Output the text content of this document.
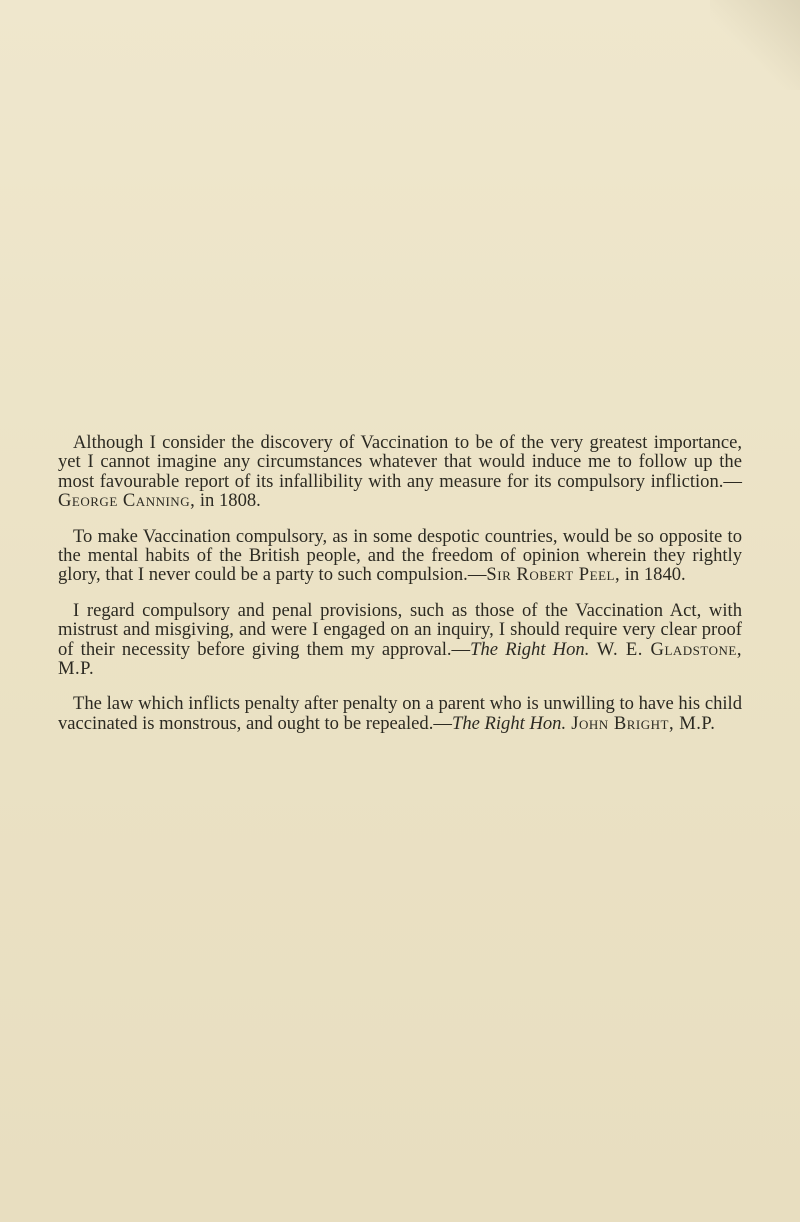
Although I consider the discovery of Vaccination to be of the very greatest importance, yet I cannot imagine any circumstances whatever that would induce me to follow up the most favourable report of its infallibility with any measure for its compulsory infliction.—George Canning, in 1808.

To make Vaccination compulsory, as in some despotic countries, would be so opposite to the mental habits of the British people, and the freedom of opinion wherein they rightly glory, that I never could be a party to such compulsion.—Sir Robert Peel, in 1840.

I regard compulsory and penal provisions, such as those of the Vaccination Act, with mistrust and misgiving, and were I engaged on an inquiry, I should require very clear proof of their necessity before giving them my approval.—The Right Hon. W. E. Gladstone, M.P.

The law which inflicts penalty after penalty on a parent who is unwilling to have his child vaccinated is monstrous, and ought to be repealed.—The Right Hon. John Bright, M.P.
